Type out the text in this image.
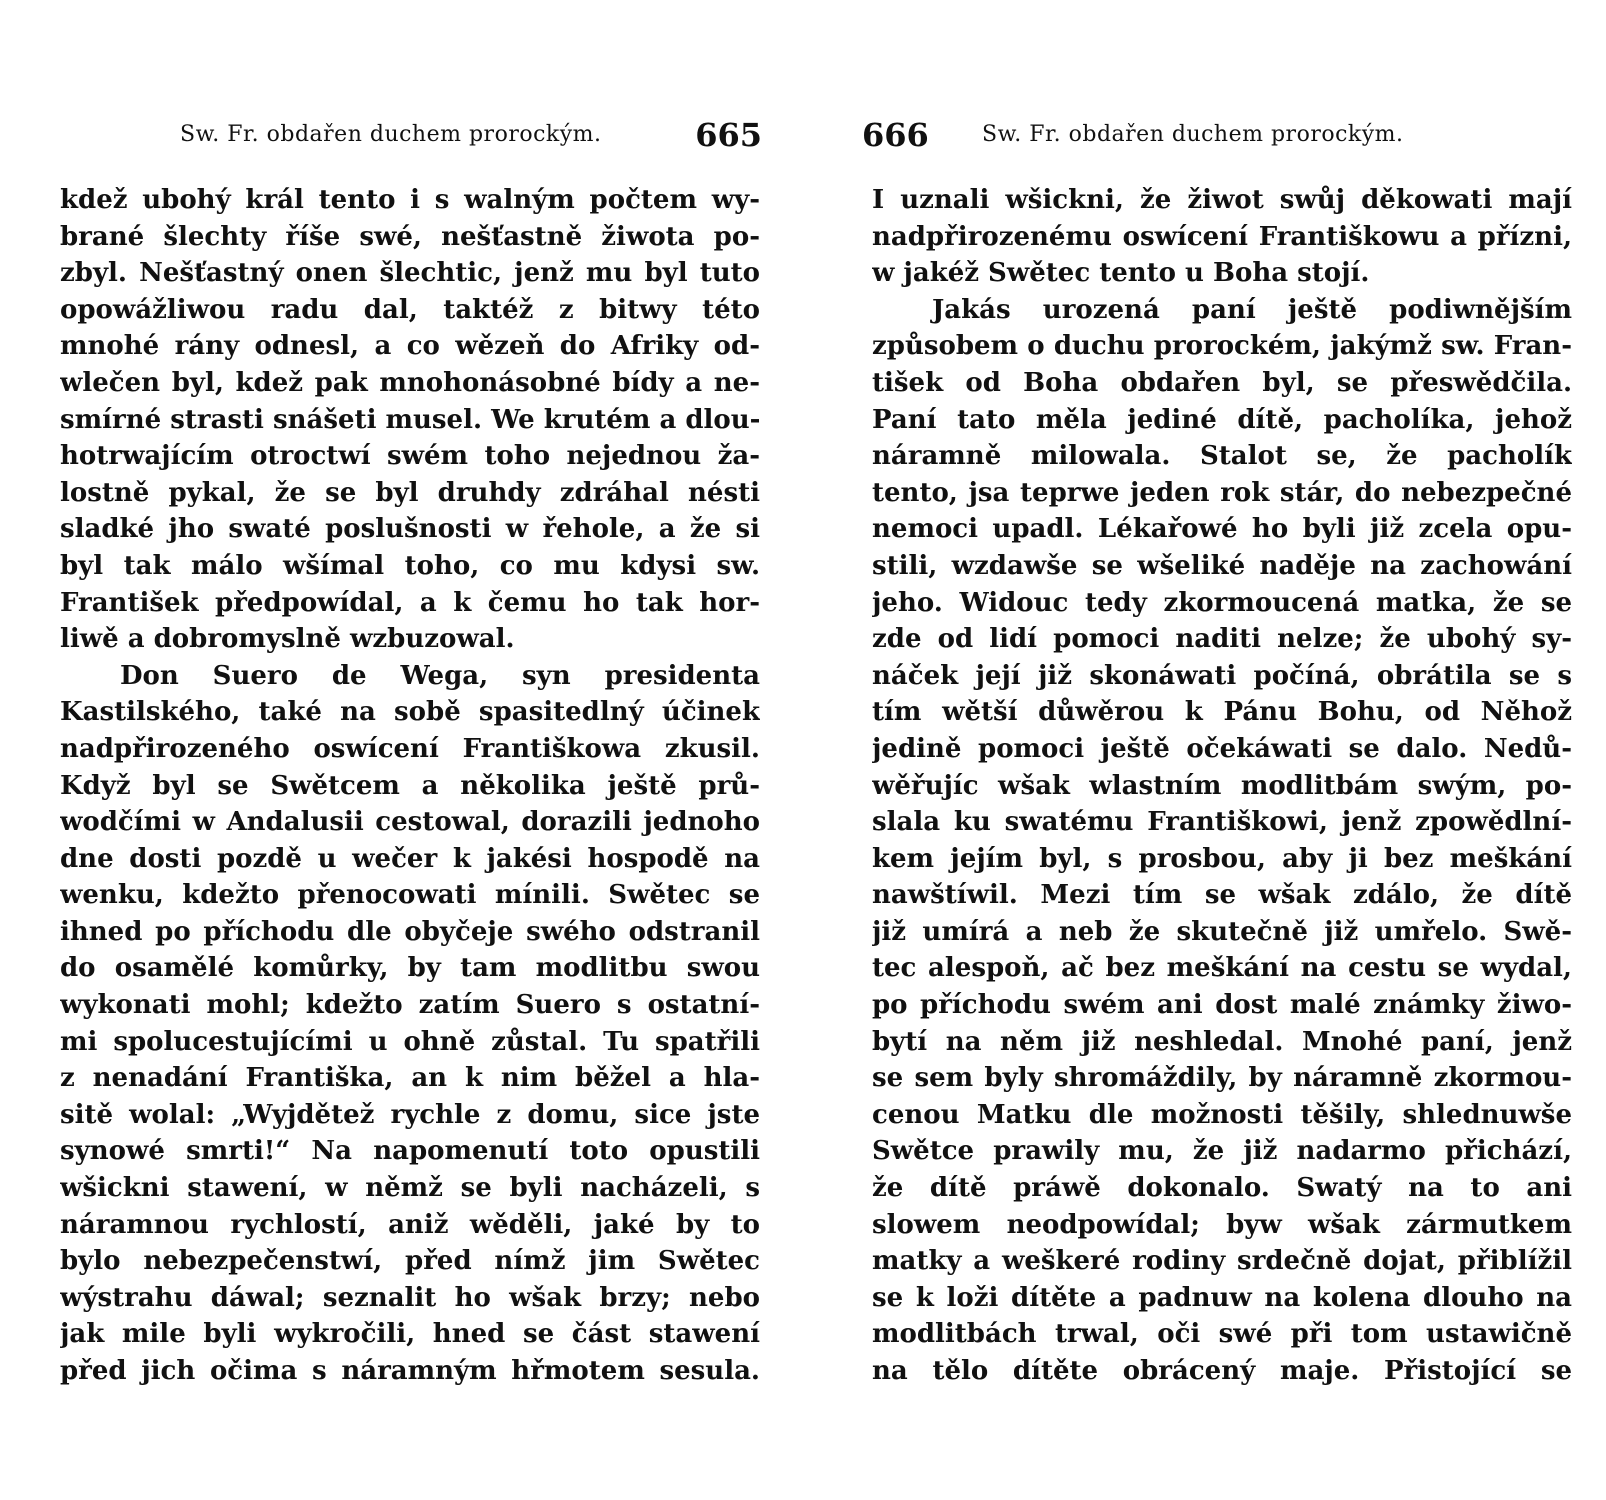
Sw. Fr. obdařen duchem prorockým.	665
kdež ubohý král tento i s walným počtem wy-
brané šlechty říše swé, nešťastně žiwota po-
zbyl. Nešťastný onen šlechtic, jenž mu byl tuto
opowážliwou radu dal, taktéž z bitwy této
mnohé rány odnesl, a co wězeň do Afriky od-
wlečen byl, kdež pak mnohonásobné bídy a ne-
smírné strasti snášeti musel. We krutém a dlou-
hotrwajícím otroctwí swém toho nejednou ža-
lostně pykal, že se byl druhdy zdráhal nésti
sladké jho swaté poslušnosti w řehole, a že si
byl tak málo wšímal toho, co mu kdysi sw.
František předpowídal, a k čemu ho tak hor-
liwě a dobromyslně wzbuzowal.
Don Suero de Wega, syn presidenta
Kastilského, také na sobě spasitedlný účinek
nadpřirozeného oswícení Františkowa zkusil.
Když byl se Swětcem a několika ještě prů-
wodčími w Andalusii cestowal, dorazili jednoho
dne dosti pozdě u wečer k jakési hospodě na
wenku, kdežto přenocowati mínili. Swětec se
ihned po příchodu dle obyčeje swého odstranil
do osamělé komůrky, by tam modlitbu swou
wykonati mohl; kdežto zatím Suero s ostatní-
mi spolucestujícími u ohně zůstal. Tu spatřili
z nenadání Františka, an k nim běžel a hla-
sitě wolal: „Wyjdětež rychle z domu, sice jste
synowé smrti!“ Na napomenutí toto opustili
wšickni stawení, w němž se byli nacházeli, s
náramnou rychlostí, aniž wěděli, jaké by to
bylo nebezpečenstwí, před nímž jim Swětec
wýstrahu dáwal; seznalit ho wšak brzy; nebo
jak mile byli wykročili, hned se část stawení
před jich očima s náramným hřmotem sesula.
666 Sw. Fr. obdařen duchem prorockým.
I uznali wšickni, že žiwot swůj děkowati mají
nadpřirozenému oswícení Františkowu a přízni,
w jakéž Swětec tento u Boha stojí.
Jakás urozená paní ještě podiwnějším
způsobem o duchu prorockém, jakýmž sw. Fran-
tišek od Boha obdařen byl, se přeswědčila.
Paní tato měla jediné dítě, pacholíka, jehož
náramně milowala. Stalot se, že pacholík
tento, jsa teprwe jeden rok stár, do nebezpečné
nemoci upadl. Lékařowé ho byli již zcela opu-
stili, wzdawše se wšeliké naděje na zachowání
jeho. Widouc tedy zkormoucená matka, že se
zde od lidí pomoci naditi nelze; že ubohý sy-
náček její již skonáwati počíná, obrátila se s
tím wětší důwěrou k Pánu Bohu, od Něhož
jedině pomoci ještě očekáwati se dalo. Nedů-
wěřujíc wšak wlastním modlitbám swým, po-
slala ku swatému Františkowi, jenž zpowědlní-
kem jejím byl, s prosbou, aby ji bez meškání
nawštíwil. Mezi tím se wšak zdálo, že dítě
již umírá a neb že skutečně již umřelo. Swě-
tec alespoň, ač bez meškání na cestu se wydal,
po příchodu swém ani dost malé známky žiwo-
bytí na něm již neshledal. Mnohé paní, jenž
se sem byly shromáždily, by náramně zkormou-
cenou Matku dle možnosti těšily, shlednuwše
Swětce prawily mu, že již nadarmo přichází,
že dítě práwě dokonalo. Swatý na to ani
slowem neodpowídal; byw wšak zármutkem
matky a weškeré rodiny srdečně dojat, přiblížil
se k loži dítěte a padnuw na kolena dlouho na
modlitbách trwal, oči swé při tom ustawičně
na tělo dítěte obrácený maje. Přistojící se
